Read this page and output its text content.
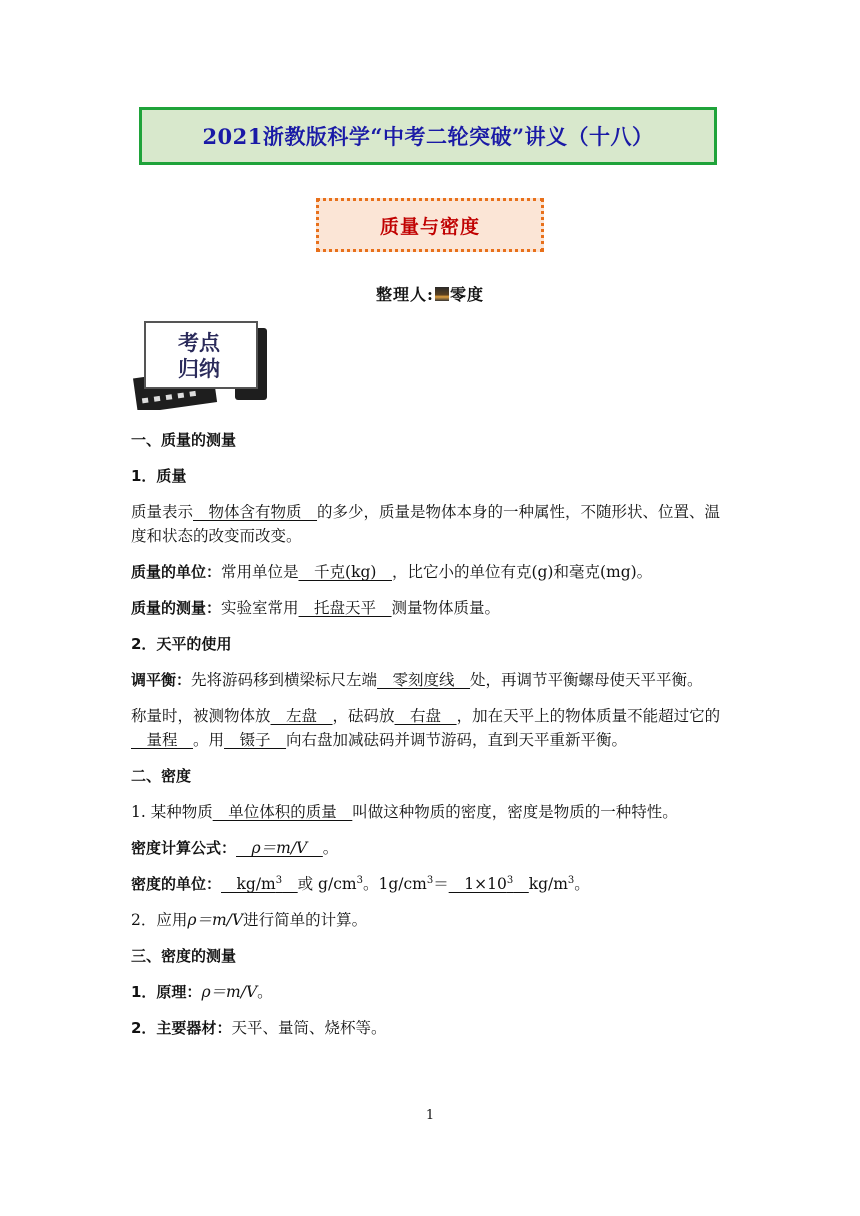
2021浙教版科学“中考二轮突破”讲义（十八）
质量与密度
整理人: 零度
考点
归纳

一、质量的测量

1．质量

质量表示__物体含有物质__的多少，质量是物体本身的一种属性，不随形状、位置、温度和状态的改变而改变。

质量的单位：常用单位是__千克(kg)__，比它小的单位有克(g)和毫克(mg)。

质量的测量：实验室常用__托盘天平__测量物体质量。

2．天平的使用

调平衡：先将游码移到横梁标尺左端__零刻度线__处，再调节平衡螺母使天平平衡。

称量时，被测物体放__左盘__，砝码放__右盘__，加在天平上的物体质量不能超过它的__量程__。用__镊子__向右盘加减砝码并调节游码，直到天平重新平衡。

二、密度

1. 某种物质__单位体积的质量__叫做这种物质的密度，密度是物质的一种特性。

密度计算公式：__ρ＝m/V__。

密度的单位：$\_\_kg/m^3\_\_$或 $g/cm^3$。$1g/cm^3=\_\_1\times 10^3\_\_kg/m^3$。

2．应用ρ＝m/V进行简单的计算。

三、密度的测量

1．原理：ρ＝m/V。

2．主要器材：天平、量筒、烧杯等。

1
